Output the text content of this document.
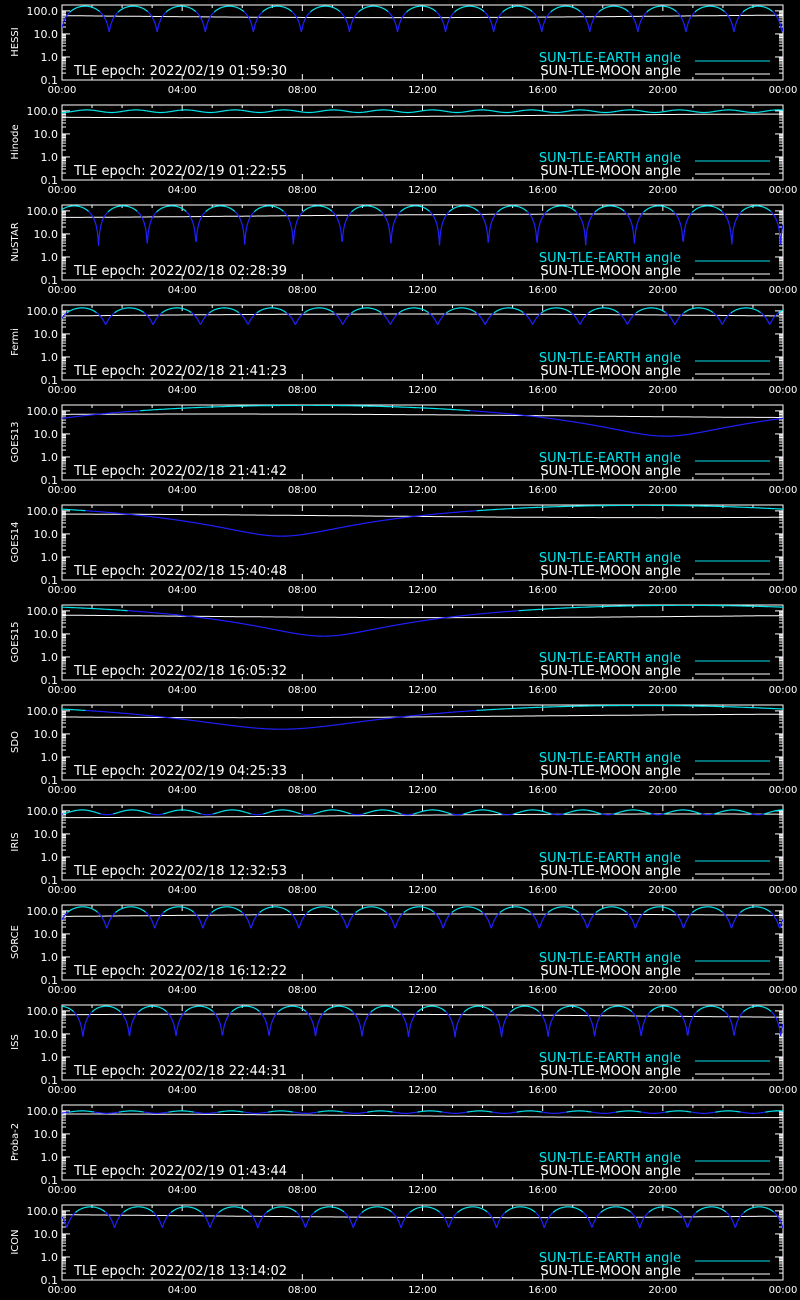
0.1
1.0
10.0
100.0
00:00	04:00	08:00	12:00	16:00	20:00	00:00
HESSI
TLE epoch: 2022/02/19 01:59:30
SUN-TLE-EARTH angle
SUN-TLE-MOON angle
0.1
1.0
10.0
100.0
00:00	04:00	08:00	12:00	16:00	20:00	00:00
Hinode
TLE epoch: 2022/02/19 01:22:55
SUN-TLE-EARTH angle
SUN-TLE-MOON angle
0.1
1.0
10.0
100.0
00:00	04:00	08:00	12:00	16:00	20:00	00:00
NuSTAR
TLE epoch: 2022/02/18 02:28:39
SUN-TLE-EARTH angle
SUN-TLE-MOON angle
0.1
1.0
10.0
100.0
00:00	04:00	08:00	12:00	16:00	20:00	00:00
Fermi
TLE epoch: 2022/02/18 21:41:23
SUN-TLE-EARTH angle
SUN-TLE-MOON angle
0.1
1.0
10.0
100.0
00:00	04:00	08:00	12:00	16:00	20:00	00:00
GOES13
TLE epoch: 2022/02/18 21:41:42
SUN-TLE-EARTH angle
SUN-TLE-MOON angle
0.1
1.0
10.0
100.0
00:00	04:00	08:00	12:00	16:00	20:00	00:00
GOES14
TLE epoch: 2022/02/18 15:40:48
SUN-TLE-EARTH angle
SUN-TLE-MOON angle
0.1
1.0
10.0
100.0
00:00	04:00	08:00	12:00	16:00	20:00	00:00
GOES15
TLE epoch: 2022/02/18 16:05:32
SUN-TLE-EARTH angle
SUN-TLE-MOON angle
0.1
1.0
10.0
100.0
00:00	04:00	08:00	12:00	16:00	20:00	00:00
SDO
TLE epoch: 2022/02/19 04:25:33
SUN-TLE-EARTH angle
SUN-TLE-MOON angle
0.1
1.0
10.0
100.0
00:00	04:00	08:00	12:00	16:00	20:00	00:00
IRIS
TLE epoch: 2022/02/18 12:32:53
SUN-TLE-EARTH angle
SUN-TLE-MOON angle
0.1
1.0
10.0
100.0
00:00	04:00	08:00	12:00	16:00	20:00	00:00
SORCE
TLE epoch: 2022/02/18 16:12:22
SUN-TLE-EARTH angle
SUN-TLE-MOON angle
0.1
1.0
10.0
100.0
00:00	04:00	08:00	12:00	16:00	20:00	00:00
ISS
TLE epoch: 2022/02/18 22:44:31
SUN-TLE-EARTH angle
SUN-TLE-MOON angle
0.1
1.0
10.0
100.0
00:00	04:00	08:00	12:00	16:00	20:00	00:00
Proba-2
TLE epoch: 2022/02/19 01:43:44
SUN-TLE-EARTH angle
SUN-TLE-MOON angle
0.1
1.0
10.0
100.0
00:00	04:00	08:00	12:00	16:00	20:00	00:00
ICON
TLE epoch: 2022/02/18 13:14:02
SUN-TLE-EARTH angle
SUN-TLE-MOON angle
